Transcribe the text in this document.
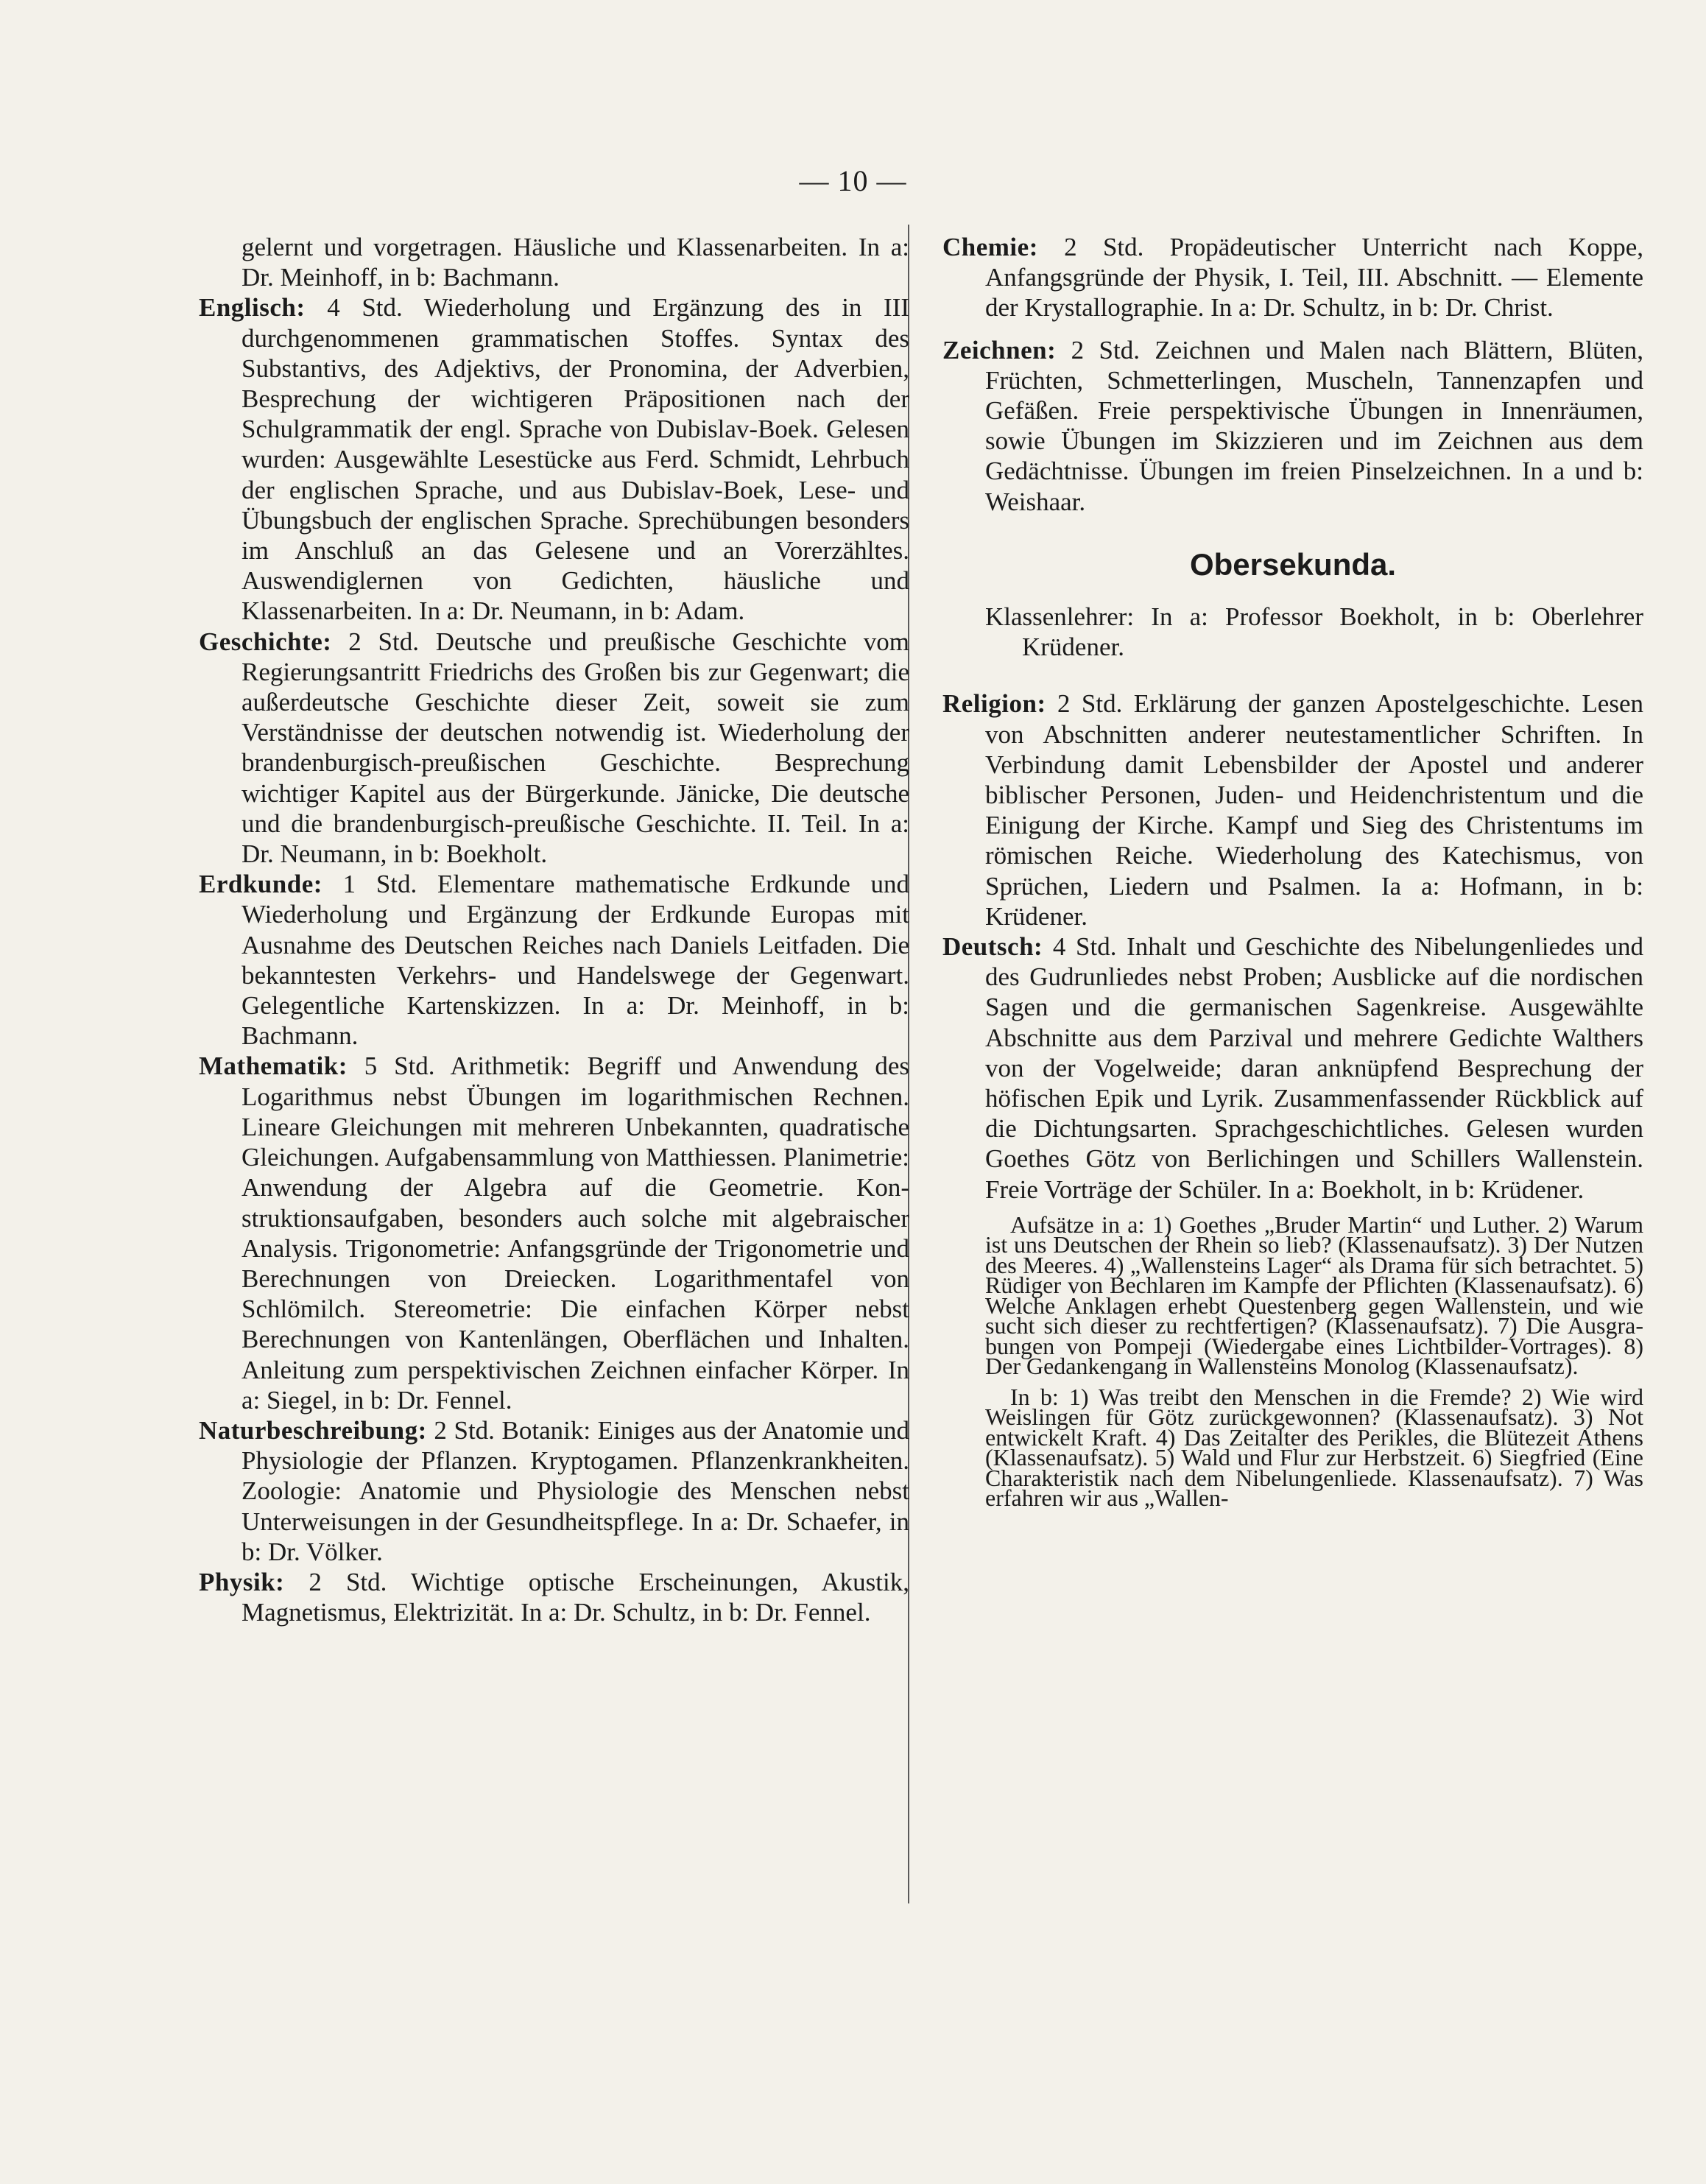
— 10 —

gelernt und vorgetragen. Häusliche und Klassenarbeiten. In a: Dr. Meinhoff, in b: Bachmann.

Englisch: 4 Std. Wiederholung und Ergänzung des in III durchgenommenen grammatischen Stoffes. Syntax des Substantivs, des Adjektivs, der Pronomina, der Adverbien, Besprechung der wichtigeren Präpositionen nach der Schulgrammatik der engl. Sprache von Dubislav-Boek. Gelesen wurden: Ausgewählte Lesestücke aus Ferd. Schmidt, Lehrbuch der englischen Sprache, und aus Dubislav-Boek, Lese- und Übungsbuch der englischen Sprache. Sprechübungen besonders im Anschluß an das Gelesene und an Vorerzähltes. Auswendiglernen von Gedichten, häusliche und Klassenarbeiten. In a: Dr. Neumann, in b: Adam.

Geschichte: 2 Std. Deutsche und preußische Geschichte vom Regierungsantritt Friedrichs des Großen bis zur Gegenwart; die außerdeutsche Geschichte dieser Zeit, soweit sie zum Verständnisse der deutschen notwendig ist. Wiederholung der brandenburgisch-preußischen Geschichte. Besprechung wichtiger Kapitel aus der Bürgerkunde. Jänicke, Die deutsche und die brandenburgisch-preußische Geschichte. II. Teil. In a: Dr. Neumann, in b: Boekholt.

Erdkunde: 1 Std. Elementare mathematische Erdkunde und Wiederholung und Ergänzung der Erdkunde Europas mit Ausnahme des Deutschen Reiches nach Daniels Leitfaden. Die bekanntesten Verkehrs- und Handelswege der Gegenwart. Gelegentliche Kartenskizzen. In a: Dr. Meinhoff, in b: Bachmann.

Mathematik: 5 Std. Arithmetik: Begriff und Anwendung des Logarithmus nebst Übungen im logarithmischen Rechnen. Lineare Gleichungen mit mehreren Unbekannten, quadratische Gleichungen. Aufgabensammlung von Matthiessen. Planimetrie: Anwendung der Algebra auf die Geometrie. Konstruktionsaufgaben, besonders auch solche mit algebraischer Analysis. Trigonometrie: Anfangsgründe der Trigonometrie und Berechnungen von Dreiecken. Logarithmentafel von Schlömilch. Stereometrie: Die einfachen Körper nebst Berechnungen von Kantenlängen, Oberflächen und Inhalten. Anleitung zum perspektivischen Zeichnen einfacher Körper. In a: Siegel, in b: Dr. Fennel.

Naturbeschreibung: 2 Std. Botanik: Einiges aus der Anatomie und Physiologie der Pflanzen. Kryptogamen. Pflanzenkrankheiten. Zoologie: Anatomie und Physiologie des Menschen nebst Unterweisungen in der Gesundheitspflege. In a: Dr. Schaefer, in b: Dr. Völker.

Physik: 2 Std. Wichtige optische Erscheinungen, Akustik, Magnetismus, Elektrizität. In a: Dr. Schultz, in b: Dr. Fennel.

Chemie: 2 Std. Propädeutischer Unterricht nach Koppe, Anfangsgründe der Physik, I. Teil, III. Abschnitt. — Elemente der Krystallographie. In a: Dr. Schultz, in b: Dr. Christ.

Zeichnen: 2 Std. Zeichnen und Malen nach Blättern, Blüten, Früchten, Schmetterlingen, Muscheln, Tannenzapfen und Gefäßen. Freie perspektivische Übungen in Innenräumen, sowie Übungen im Skizzieren und im Zeichnen aus dem Gedächtnisse. Übungen im freien Pinselzeichnen. In a und b: Weishaar.

Obersekunda.

Klassenlehrer: In a: Professor Boekholt, in b: Oberlehrer Krüdener.

Religion: 2 Std. Erklärung der ganzen Apostelgeschichte. Lesen von Abschnitten anderer neutestamentlicher Schriften. In Verbindung damit Lebensbilder der Apostel und anderer biblischer Personen, Juden- und Heidenchristentum und die Einigung der Kirche. Kampf und Sieg des Christentums im römischen Reiche. Wiederholung des Katechismus, von Sprüchen, Liedern und Psalmen. Ia a: Hofmann, in b: Krüdener.

Deutsch: 4 Std. Inhalt und Geschichte des Nibelungenliedes und des Gudrunliedes nebst Proben; Ausblicke auf die nordischen Sagen und die germanischen Sagenkreise. Ausgewählte Abschnitte aus dem Parzival und mehrere Gedichte Walthers von der Vogelweide; daran anknüpfend Besprechung der höfischen Epik und Lyrik. Zusammenfassender Rückblick auf die Dichtungsarten. Sprachgeschichtliches. Gelesen wurden Goethes Götz von Berlichingen und Schillers Wallenstein. Freie Vorträge der Schüler. In a: Boekholt, in b: Krüdener.

Aufsätze in a: 1) Goethes „Bruder Martin“ und Luther. 2) Warum ist uns Deutschen der Rhein so lieb? (Klassenaufsatz). 3) Der Nutzen des Meeres. 4) „Wallensteins Lager“ als Drama für sich betrachtet. 5) Rüdiger von Bechlaren im Kampfe der Pflichten (Klassenaufsatz). 6) Welche Anklagen erhebt Questenberg gegen Wallenstein, und wie sucht sich dieser zu rechtfertigen? (Klassenaufsatz). 7) Die Ausgrabungen von Pompeji (Wiedergabe eines Lichtbilder-Vortrages). 8) Der Gedankengang in Wallensteins Monolog (Klassenaufsatz).

In b: 1) Was treibt den Menschen in die Fremde? 2) Wie wird Weislingen für Götz zurückgewonnen? (Klassenaufsatz). 3) Not entwickelt Kraft. 4) Das Zeitalter des Perikles, die Blütezeit Athens (Klassenaufsatz). 5) Wald und Flur zur Herbstzeit. 6) Siegfried (Eine Charakteristik nach dem Nibelungenliede. Klassenaufsatz). 7) Was erfahren wir aus „Wallen-
